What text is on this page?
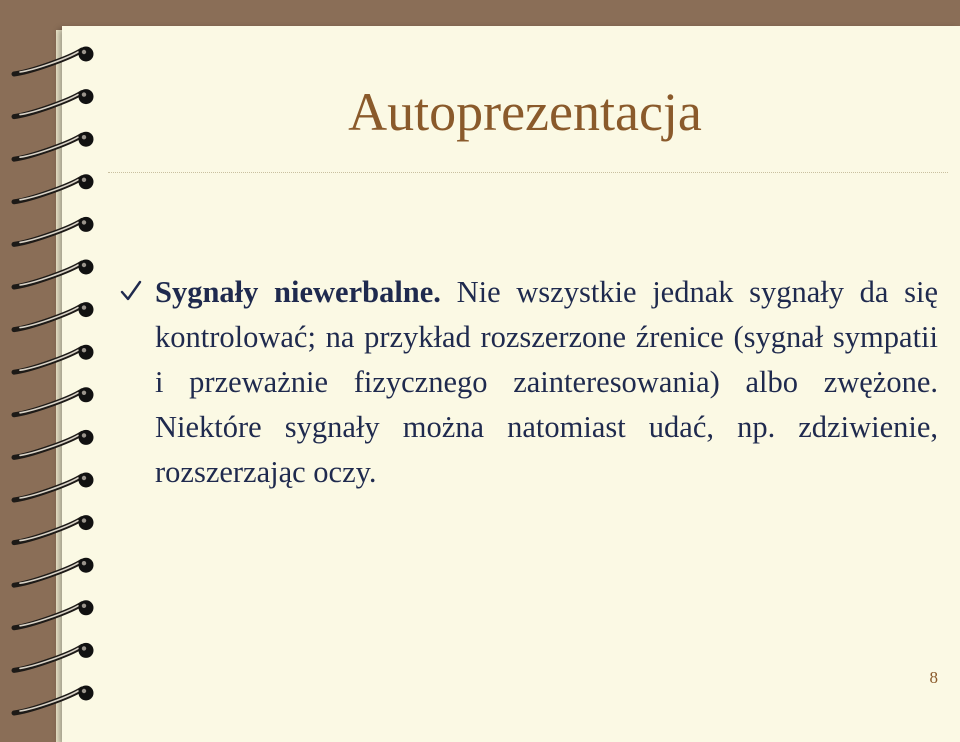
Autoprezentacja

Sygnały niewerbalne. Nie wszystkie jednak sygnały da się kontrolować; na przykład rozszerzone źrenice (sygnał sympatii i przeważnie fizycznego zainteresowania) albo zwężone. Niektóre sygnały można natomiast udać, np. zdziwienie, rozszerzając oczy.

8
